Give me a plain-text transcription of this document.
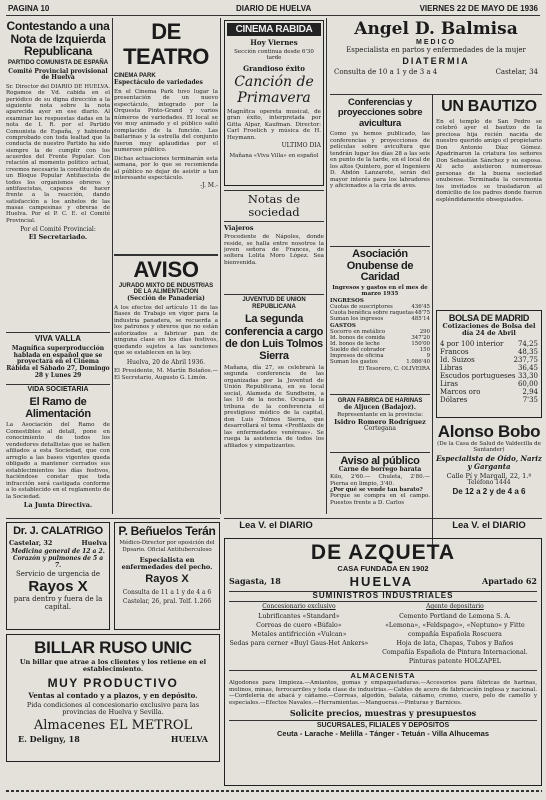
PAGINA 10	DIARIO DE HUELVA	VIERNES 22 DE MAYO DE 1936

Contestando a una Nota de Izquierda Republicana

PARTIDO COMUNISTA DE ESPAÑA

Comité Provincial provisional de Huelva

Sr. Director del DIARIO DE HUELVA. Rogamos de Vd. cabida en el periódico de su digna dirección a la siguiente nota sobre la nota aparecida ayer en ese diario. Al examinar las respuestas dadas en la nota de I. R. por el Partido Comunista de España, y habiendo comprobado con toda lealtad que la conducta de nuestro Partido ha sido siempre la de cumplir con los acuerdos del Frente Popular. Con relación al momento político actual, creemos necesario la constitución de un Bloque Popular Antifascista de todos los organismos obreros y antifascistas, capaces de hacer frente a la reacción, dando satisfacción a los anhelos de las masas campesinas y obreras de Huelva. Por el P. C. E. el Comité Provincial.

Por el Comité Provincial:

El Secretariado.

VIVA VALLA

Magnífica superproducción hablada en español que se proyectará en el Cinema Rábida el Sábado 27, Domingo 28 y Lunes 29

VIDA SOCIETARIA

El Ramo de Alimentación

La Asociación del Ramo de Comestibles al detall, pone en conocimiento de todos los vendedores detallistas que se hallen afiliados a esta Sociedad, que con arreglo a las bases vigentes queda obligado a mantener cerrados sus establecimientos los días festivos, haciéndose constar que toda infracción será castigada conforme a lo establecido en el reglamento de la Sociedad.

La Junta Directiva.

DE TEATRO

CINEMA PARK

Espectáculo de variedades

En el Cinema Park tuvo lugar la presentación de un nuevo espectáculo, integrado por la Orquesta Pinto-Grand y varios números de variedades. El local se vio muy animado y el público salió complacido de la función. Las bailarinas y la estrella del conjunto fueron muy aplaudidas por el numeroso público.

Dichas actuaciones terminarán esta semana, por lo que se recomienda al público no dejar de asistir a tan interesante espectáculo.

-J. M.-

AVISO

JURADO MIXTO DE INDUSTRIAS DE LA ALIMENTACION

(Sección de Panadería)

A los efectos del artículo 11 de las Bases de Trabajo en vigor para la industria panadera, se recuerda a los patronos y obreros que no están autorizados a fabricar pan de ninguna clase en los días festivos, quedando sujetos a las sanciones que se establecen en la ley.

Huelva, 20 de Abril 1936.

El Presidente, M. Martín Bolaños.— El Secretario, Augusto G. Limón.

CINEMA RABIDA

Hoy Viernes

Sección continua desde 6'30 tarde

Grandioso éxito

Canción de Primavera

Magnífica opereta musical, de gran éxito, interpretada por Gitta Alpar, Kaufman. Director: Carl Froelich y música de H. Heymann.

ULTIMO DIA

Mañana «Viva Villa» en español

Notas de sociedad

Viajeros

Procedente de Nápoles, donde reside, se halla entre nosotros la joven señora de Frances, de soltera Lolita Moro López. Sea bienvenida.

JUVENTUD DE UNION REPUBLICANA

La segunda conferencia a cargo de don Luis Tolmos Sierra

Mañana, día 27, se celebrará la segunda conferencia de las organizadas por la Juventud de Unión Republicana, en su local social, Alameda de Sundheim, a las 10 de la noche. Ocupará la tribuna de la conferencia el prestigioso médico de la capital, don Luis Tolmos Sierra, que desarrollará el tema «Profilaxis de las enfermedades venéreas». Se ruega la asistencia de todos los afiliados y simpatizantes.

Angel D. Balmisa

MEDICO

Especialista en partos y enfermedades de la mujer

DIATERMIA

Consulta de 10 a 1 y de 3 a 4	Castelar, 34

Conferencias y proyecciones sobre avicultura

Como ya hemos publicado, las conferencias y proyecciones de películas sobre avicultura que tendrán lugar los días 28 a las seis en punto de la tarde, en el local de los altos Quintero, por el Ingeniero D. Abdón Lanzarote, serán del mayor interés para los labradores y aficionados a la cría de aves.

Asociación Onubense de Caridad

Ingresos y gastos en el mes de marzo 1935

INGRESOS

Cuotas de suscriptores	436'45
Cuota benéfica sobre raquetas 48'75
Suman los ingresos	485'14

GASTOS

Socorro en metálico	290
Id. bonos de comida	347'20
Id. bonos de leche	150'00
Sueldo del cobrador	150
Impresos de oficina	9
Suman los gastos	1.086'40

El Tesorero, C. OLIVEIRA

GRAN FABRICA DE HARINAS

de Aljucen (Badajoz).

Representante en la provincia:

Isidro Romero Rodríguez

Cortegana

Aviso al público

Carne de borrego barata

Kilo, 2'60.— Chuleta, 2'80.— Pierna en limpio, 3'40.

¿Por qué se vende tan barato?

Porque se compra en el campo. Puestos frente a D. Carlos

UN BAUTIZO

En el templo de San Pedro se celebró ayer el bautizo de la preciosa hija recién nacida de nuestro querido amigo el propietario Don Antonio Díaz Gómez. Apadrinaron la criatura los señores Don Sebastián Sánchez y su esposa. Al acto asistieron numerosas personas de la buena sociedad onubense. Terminada la ceremonia los invitados se trasladaron al domicilio de los padres donde fueron espléndidamente obsequiados.

BOLSA DE MADRID

Cotizaciones de Bolsa del día 24 de Abril

4 por 100 interior 74,25
Francos	48,35
Id. Suizos	237,75
Libras	36,45
Escudos portugueses 33,30
Liras	60,00
Marcos oro	2,94
Dólares	7'35

Alonso Bobo

(De la Casa de Salud de Valdecilla de Santander)

Especialista de Oído, Nariz y Garganta

Calle Pí y Margall, 22, 1.º

Teléfono 1444

De 12 a 2 y de 4 a 6

Lea V. el DIARIO	Lea V. el DIARIO

Dr. J. CALATRIGO

Castelar, 32	Huelva

Medicina general de 12 a 2.

Corazón y pulmones de 5 a 7.

Servicio de urgencia de

Rayos X

para dentro y fuera de la capital.

P. Beñuelos Terán

Médico-Director por oposición del Dpsario. Oficial Antituberculoso

Especialista en enfermedades del pecho.

Rayos X

Consulta de 11 a 1 y de 4 a 6

Castelar, 26, pral. Telf. 1.266

BILLAR RUSO UNIC

Un billar que atrae a los clientes y los retiene en el establecimiento.

MUY PRODUCTIVO

Ventas al contado y a plazos, y en depósito.

Pida condiciones al concesionario exclusivo para las provincias de Huelva y Sevilla.

Almacenes EL METROL

E. Deligny, 18	HUELVA

DE AZQUETA

CASA FUNDADA EN 1902

Sagasta, 18	HUELVA	Apartado 62

SUMINISTROS INDUSTRIALES

Concesionario exclusivo

Lubrificantes «Standard»

Correas de cuero «Búfalo»

Metales antifricción «Vulcan»

Sedas para cerner «Buyl Gaus-Het Ankers»

Agente depositario

Cemento Portland de Lemona S. A.

«Lemona», «Feldspago», «Neptuno» y Fitte

compañía Española Roscuera

Hoja de lata, Chapas, Tubos y Baños

Compañía Española de Pintura Internacional.

Pinturas patente HOLZAPEL

ALMACENISTA

Algodones para limpieza.—Amiantos, gomas y empaquetaduras.—Accesorios para fábricas de harinas, molinos, minas, ferrocarriles y toda clase de industrias.—Cables de acero de fabricación inglesa y nacional.—Cordelería de abacá y cáñamo.—Correas, algodón, balata, cáñamo, cromo, cuero, pelo de camello y especiales.—Efectos Navales.—Herramientas.—Mangueras.—Pinturas y Barnices.

Solicite precios, muestras y presupuestos

SUCURSALES, FILIALES Y DEPÓSITOS

Ceuta - Larache - Melilla - Tánger - Tetuán - Villa Alhucemas
